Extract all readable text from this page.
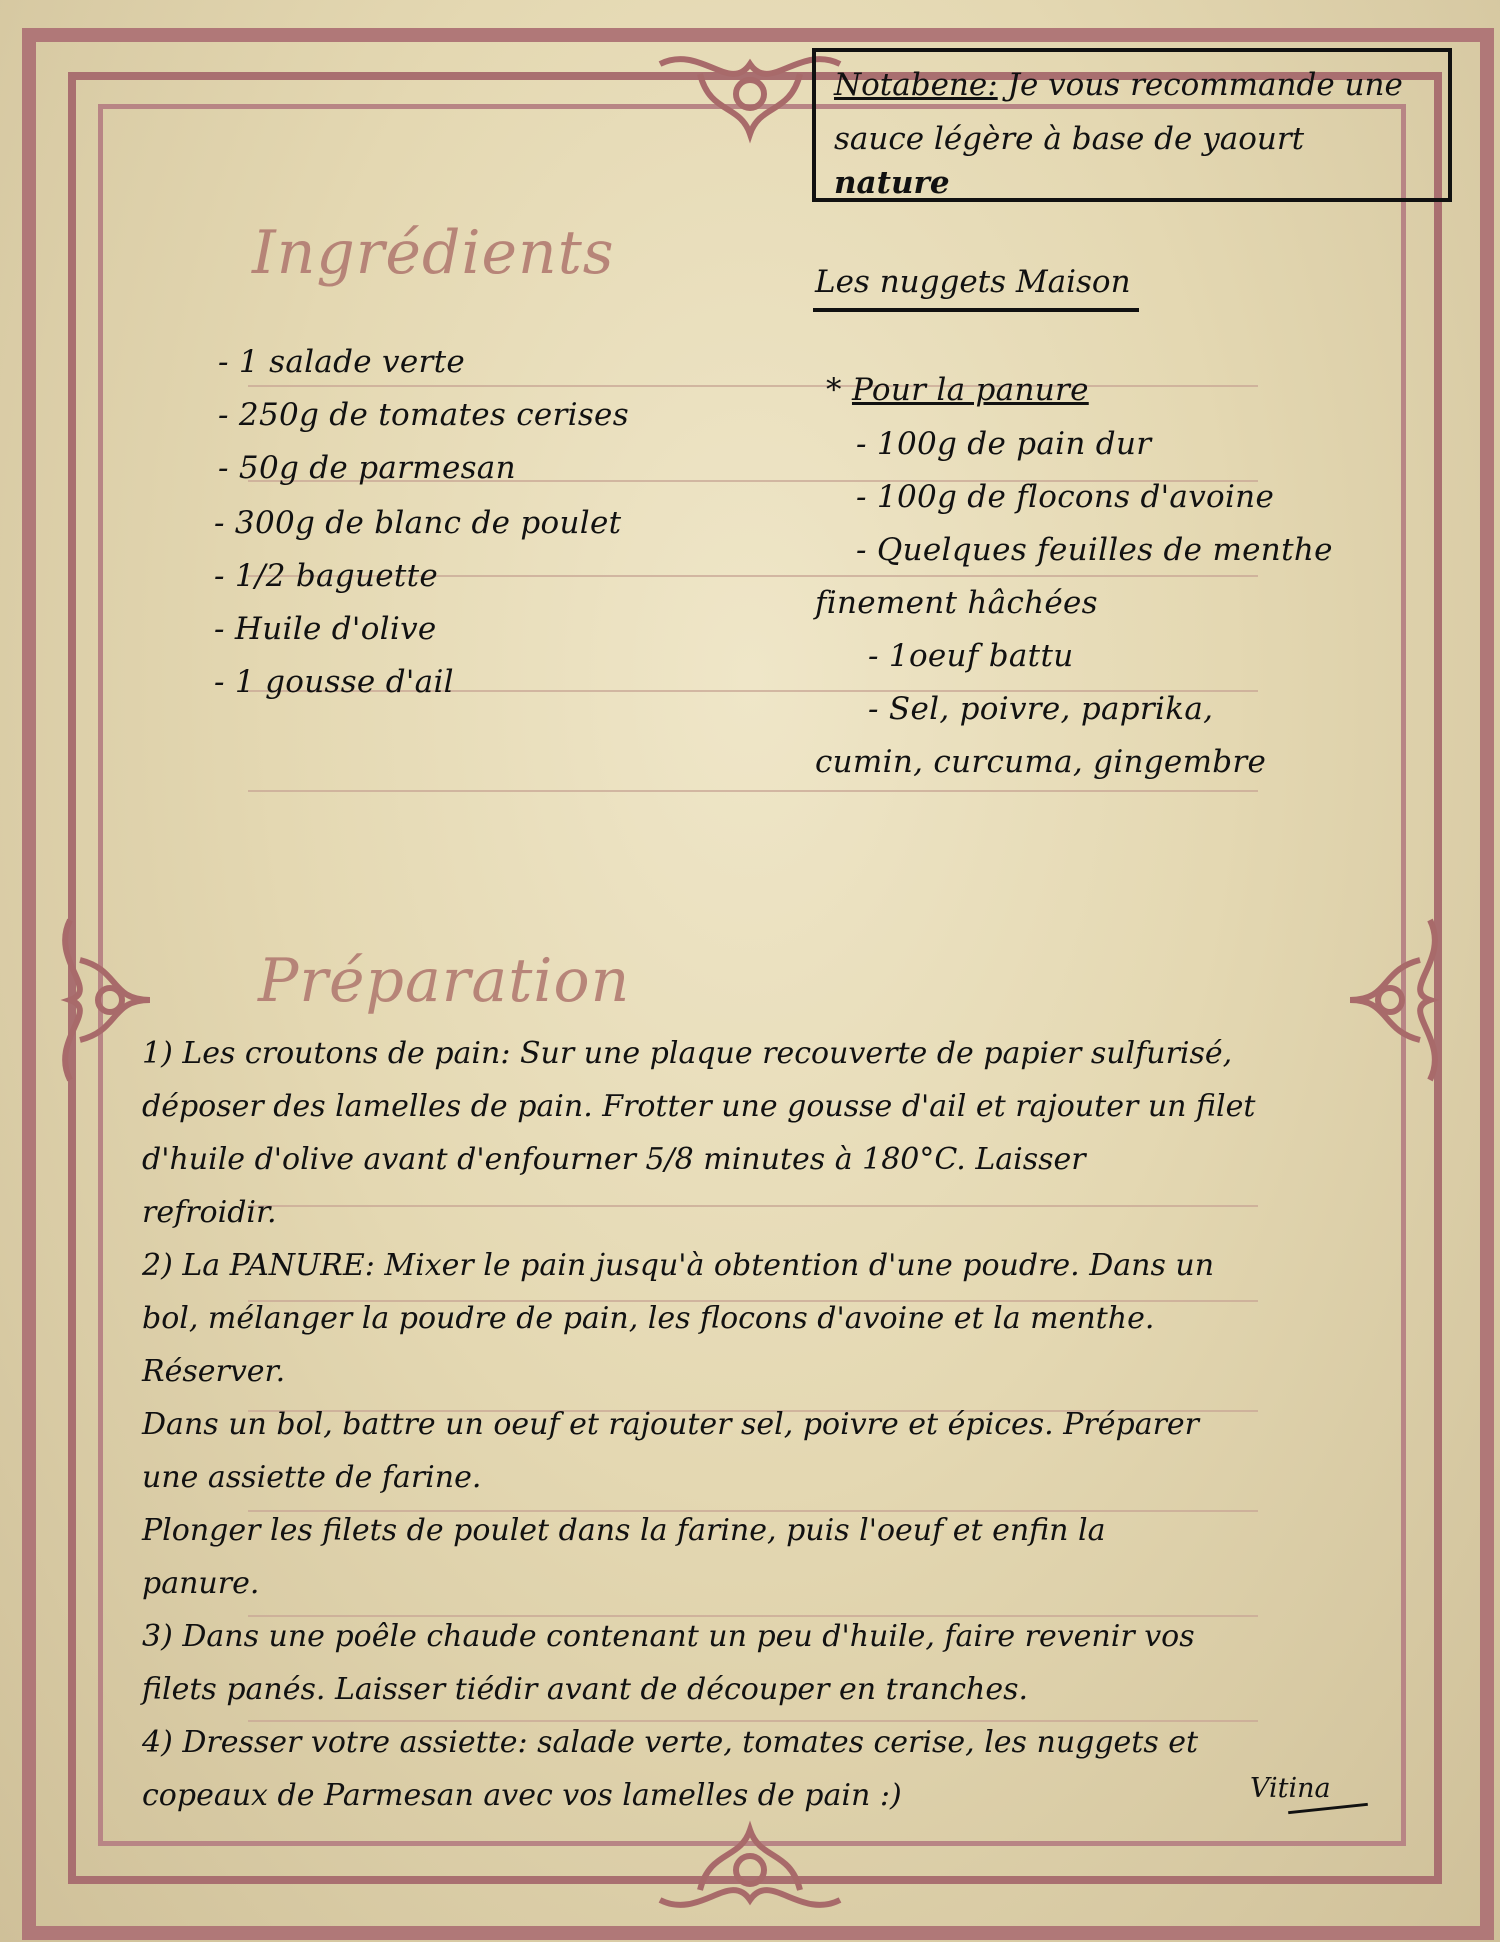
Notabene: Je vous recommande une
sauce légère à base de yaourt
nature
Ingrédients
- 1 salade verte
- 250g de tomates cerises
- 50g de parmesan
- 300g de blanc de poulet
- 1/2 baguette
- Huile d'olive
- 1 gousse d'ail
Les nuggets Maison
* Pour la panure
- 100g de pain dur
- 100g de flocons d'avoine
- Quelques feuilles de menthe
finement hâchées
- 1oeuf battu
- Sel, poivre, paprika,
cumin, curcuma, gingembre
Préparation
1) Les croutons de pain: Sur une plaque recouverte de papier sulfurisé,
déposer des lamelles de pain. Frotter une gousse d'ail et rajouter un filet
d'huile d'olive avant d'enfourner 5/8 minutes à 180°C. Laisser
refroidir.
2) La PANURE: Mixer le pain jusqu'à obtention d'une poudre. Dans un
bol, mélanger la poudre de pain, les flocons d'avoine et la menthe.
Réserver.
Dans un bol, battre un oeuf et rajouter sel, poivre et épices. Préparer
une assiette de farine.
Plonger les filets de poulet dans la farine, puis l'oeuf et enfin la
panure.
3) Dans une poêle chaude contenant un peu d'huile, faire revenir vos
filets panés. Laisser tiédir avant de découper en tranches.
4) Dresser votre assiette: salade verte, tomates cerise, les nuggets et
copeaux de Parmesan avec vos lamelles de pain :)	Vitina
